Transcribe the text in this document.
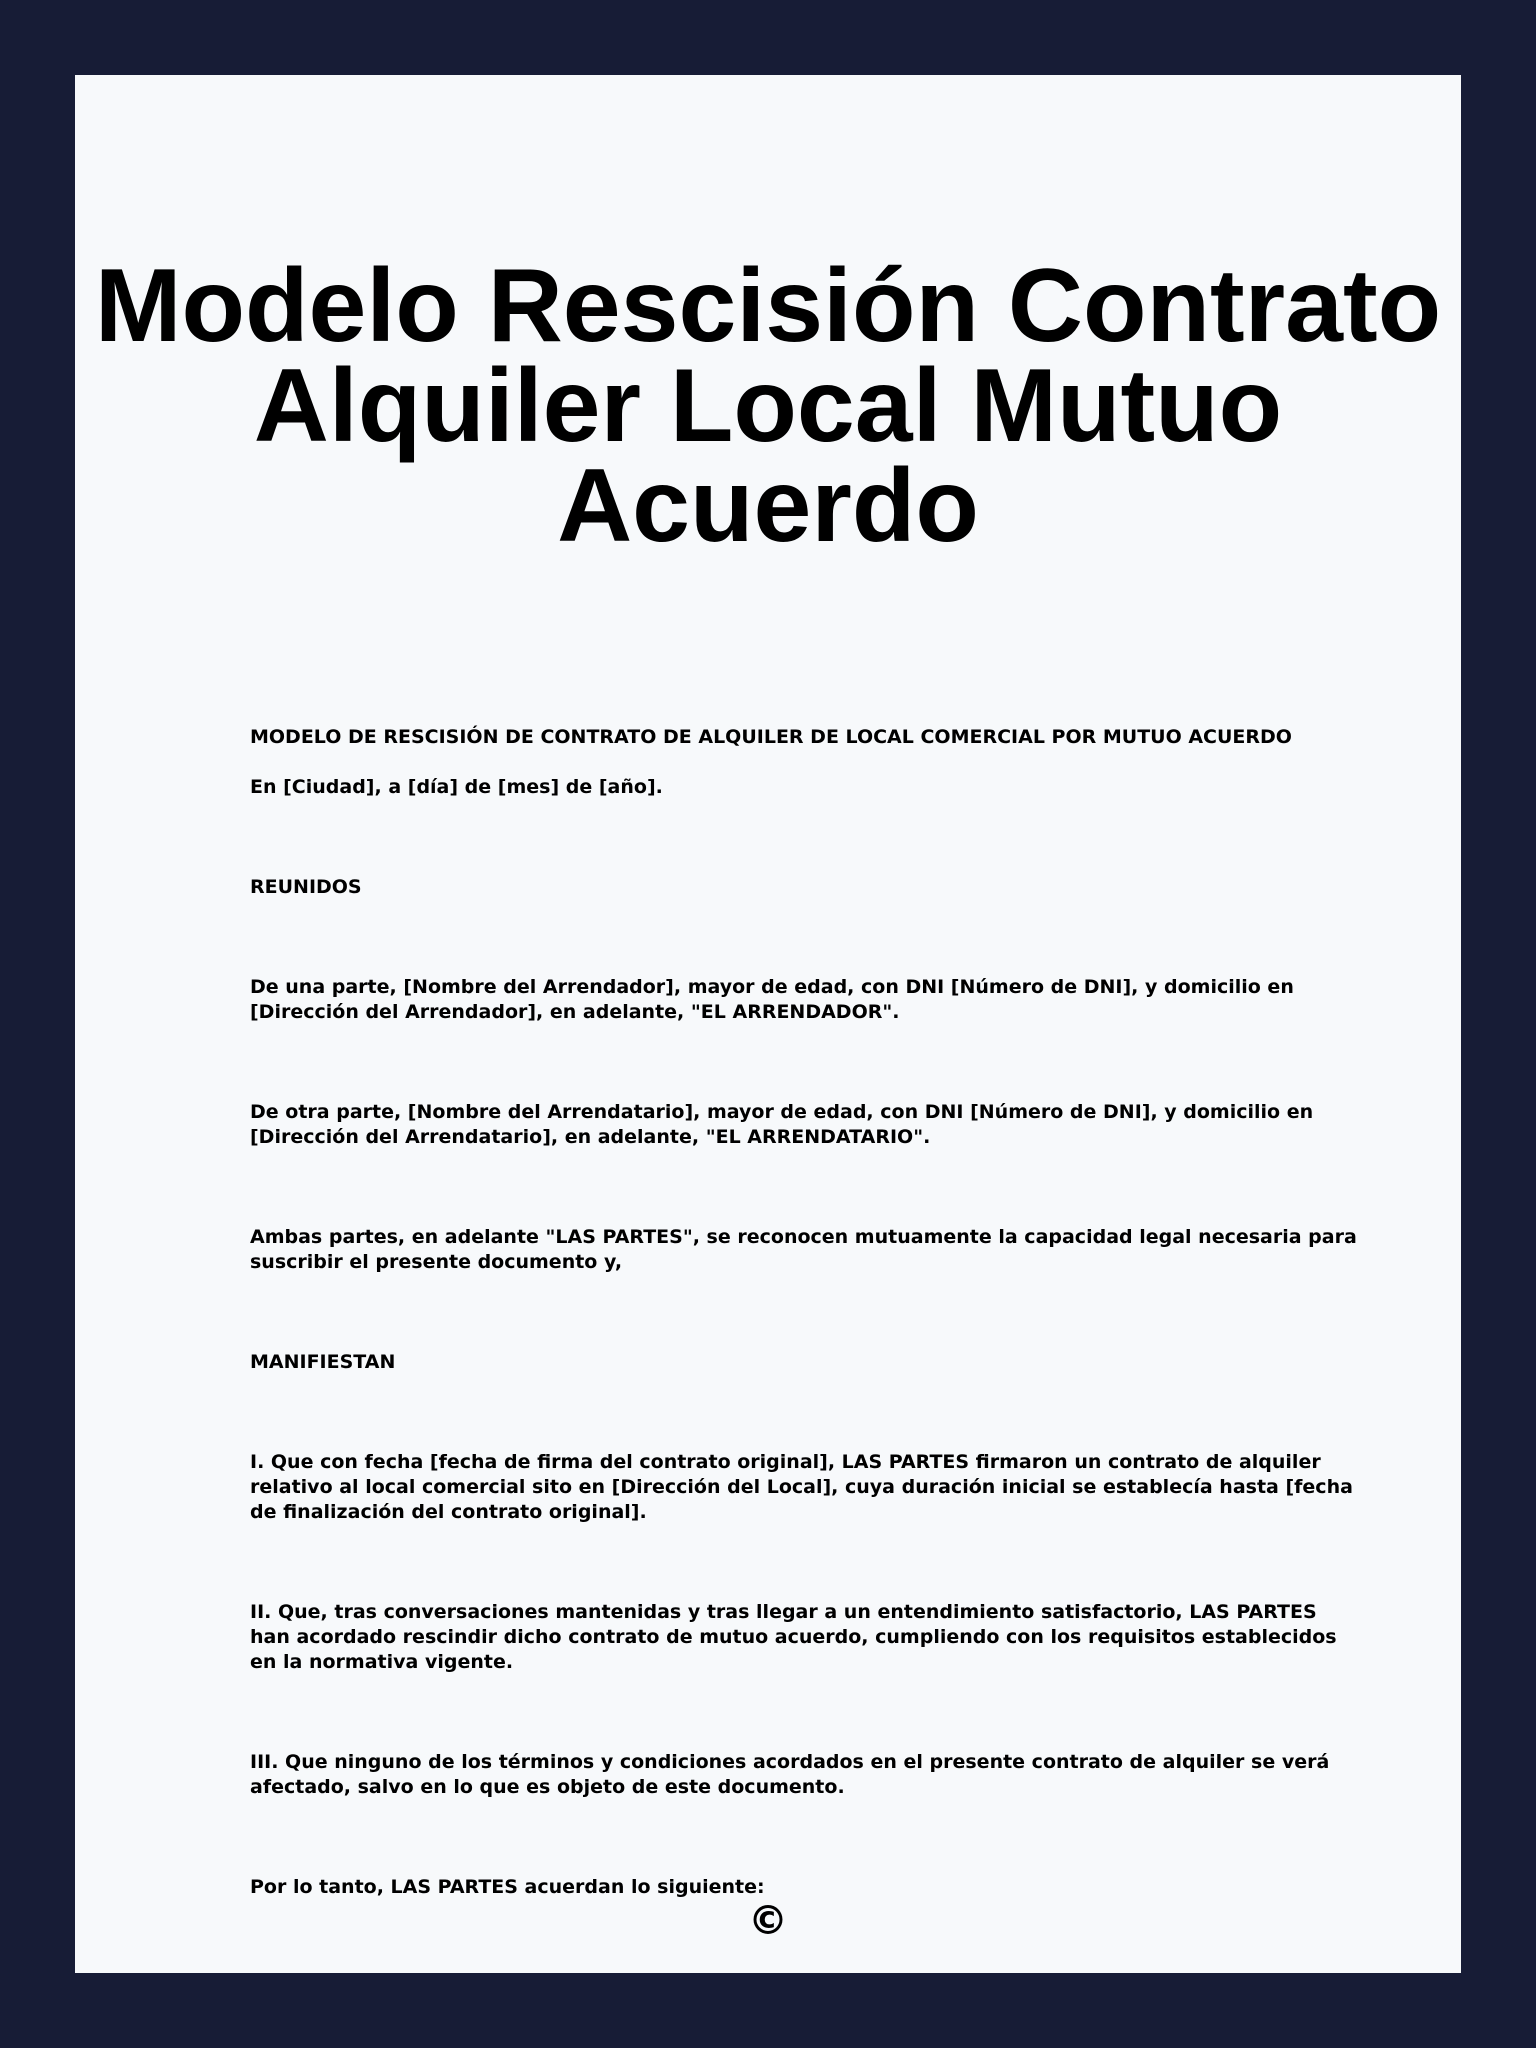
Modelo Rescisión Contrato Alquiler Local Mutuo Acuerdo

MODELO DE RESCISIÓN DE CONTRATO DE ALQUILER DE LOCAL COMERCIAL POR MUTUO ACUERDO

En [Ciudad], a [día] de [mes] de [año].

REUNIDOS

De una parte, [Nombre del Arrendador], mayor de edad, con DNI [Número de DNI], y domicilio en [Dirección del Arrendador], en adelante, "EL ARRENDADOR".

De otra parte, [Nombre del Arrendatario], mayor de edad, con DNI [Número de DNI], y domicilio en [Dirección del Arrendatario], en adelante, "EL ARRENDATARIO".

Ambas partes, en adelante "LAS PARTES", se reconocen mutuamente la capacidad legal necesaria para suscribir el presente documento y,

MANIFIESTAN

I. Que con fecha [fecha de firma del contrato original], LAS PARTES firmaron un contrato de alquiler relativo al local comercial sito en [Dirección del Local], cuya duración inicial se establecía hasta [fecha de finalización del contrato original].

II. Que, tras conversaciones mantenidas y tras llegar a un entendimiento satisfactorio, LAS PARTES han acordado rescindir dicho contrato de mutuo acuerdo, cumpliendo con los requisitos establecidos en la normativa vigente.

III. Que ninguno de los términos y condiciones acordados en el presente contrato de alquiler se verá afectado, salvo en lo que es objeto de este documento.

Por lo tanto, LAS PARTES acuerdan lo siguiente:

©
